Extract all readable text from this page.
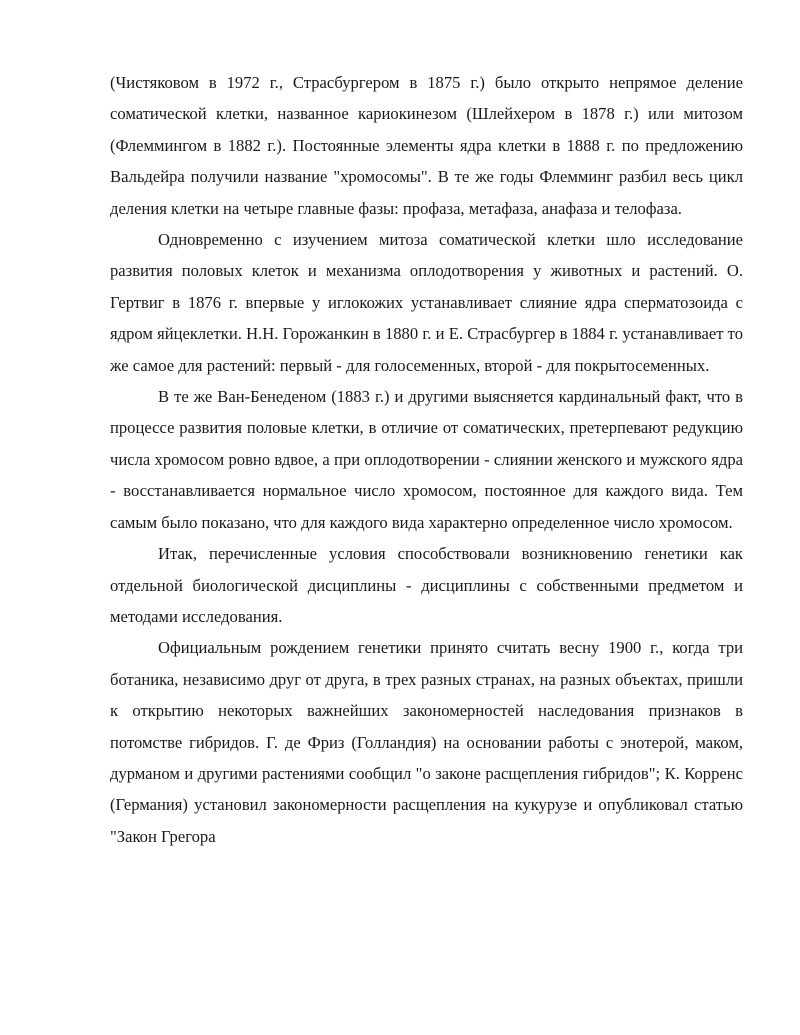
(Чистяковом в 1972 г., Страсбургером в 1875 г.) было открыто непрямое деление соматической клетки, названное кариокинезом (Шлейхером в 1878 г.) или митозом (Флеммингом в 1882 г.). Постоянные элементы ядра клетки в 1888 г. по предложению Вальдейра получили название "хромосомы". В те же годы Флемминг разбил весь цикл деления клетки на четыре главные фазы: профаза, метафаза, анафаза и телофаза.

Одновременно с изучением митоза соматической клетки шло исследование развития половых клеток и механизма оплодотворения у животных и растений. О. Гертвиг в 1876 г. впервые у иглокожих устанавливает слияние ядра сперматозоида с ядром яйцеклетки. Н.Н. Горожанкин в 1880 г. и Е. Страсбургер в 1884 г. устанавливает то же самое для растений: первый - для голосеменных, второй - для покрытосеменных.

В те же Ван-Бенеденом (1883 г.) и другими выясняется кардинальный факт, что в процессе развития половые клетки, в отличие от соматических, претерпевают редукцию числа хромосом ровно вдвое, а при оплодотворении - слиянии женского и мужского ядра - восстанавливается нормальное число хромосом, постоянное для каждого вида. Тем самым было показано, что для каждого вида характерно определенное число хромосом.

Итак, перечисленные условия способствовали возникновению генетики как отдельной биологической дисциплины - дисциплины с собственными предметом и методами исследования.

Официальным рождением генетики принято считать весну 1900 г., когда три ботаника, независимо друг от друга, в трех разных странах, на разных объектах, пришли к открытию некоторых важнейших закономерностей наследования признаков в потомстве гибридов. Г. де Фриз (Голландия) на основании работы с энотерой, маком, дурманом и другими растениями сообщил "о законе расщепления гибридов"; К. Корренс (Германия) установил закономерности расщепления на кукурузе и опубликовал статью "Закон Грегора
